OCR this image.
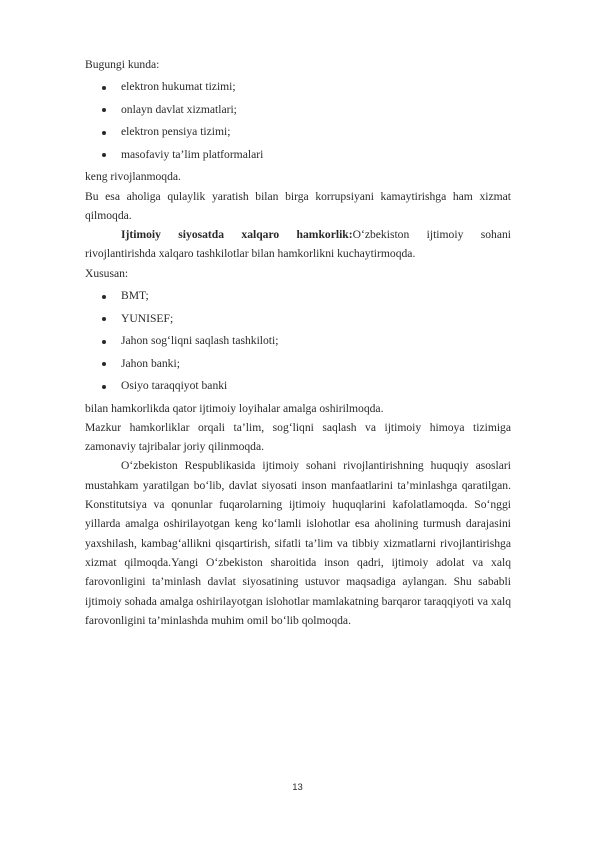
Bugungi kunda:

elektron hukumat tizimi;
onlayn davlat xizmatlari;
elektron pensiya tizimi;
masofaviy ta’lim platformalari

keng rivojlanmoqda.

Bu esa aholiga qulaylik yaratish bilan birga korrupsiyani kamaytirishga ham xizmat qilmoqda.

Ijtimoiy siyosatda xalqaro hamkorlik:O‘zbekiston ijtimoiy sohani rivojlantirishda xalqaro tashkilotlar bilan hamkorlikni kuchaytirmoqda.

Xususan:

BMT;
YUNISEF;
Jahon sog‘liqni saqlash tashkiloti;
Jahon banki;
Osiyo taraqqiyot banki

bilan hamkorlikda qator ijtimoiy loyihalar amalga oshirilmoqda.

Mazkur hamkorliklar orqali ta’lim, sog‘liqni saqlash va ijtimoiy himoya tizimiga zamonaviy tajribalar joriy qilinmoqda.

O‘zbekiston Respublikasida ijtimoiy sohani rivojlantirishning huquqiy asoslari mustahkam yaratilgan bo‘lib, davlat siyosati inson manfaatlarini ta’minlashga qaratilgan. Konstitutsiya va qonunlar fuqarolarning ijtimoiy huquqlarini kafolatlamoqda. So‘nggi yillarda amalga oshirilayotgan keng ko‘lamli islohotlar esa aholining turmush darajasini yaxshilash, kambag‘allikni qisqartirish, sifatli ta’lim va tibbiy xizmatlarni rivojlantirishga xizmat qilmoqda.Yangi O‘zbekiston sharoitida inson qadri, ijtimoiy adolat va xalq farovonligini ta’minlash davlat siyosatining ustuvor maqsadiga aylangan. Shu sababli ijtimoiy sohada amalga oshirilayotgan islohotlar mamlakatning barqaror taraqqiyoti va xalq farovonligini ta’minlashda muhim omil bo‘lib qolmoqda.

13
